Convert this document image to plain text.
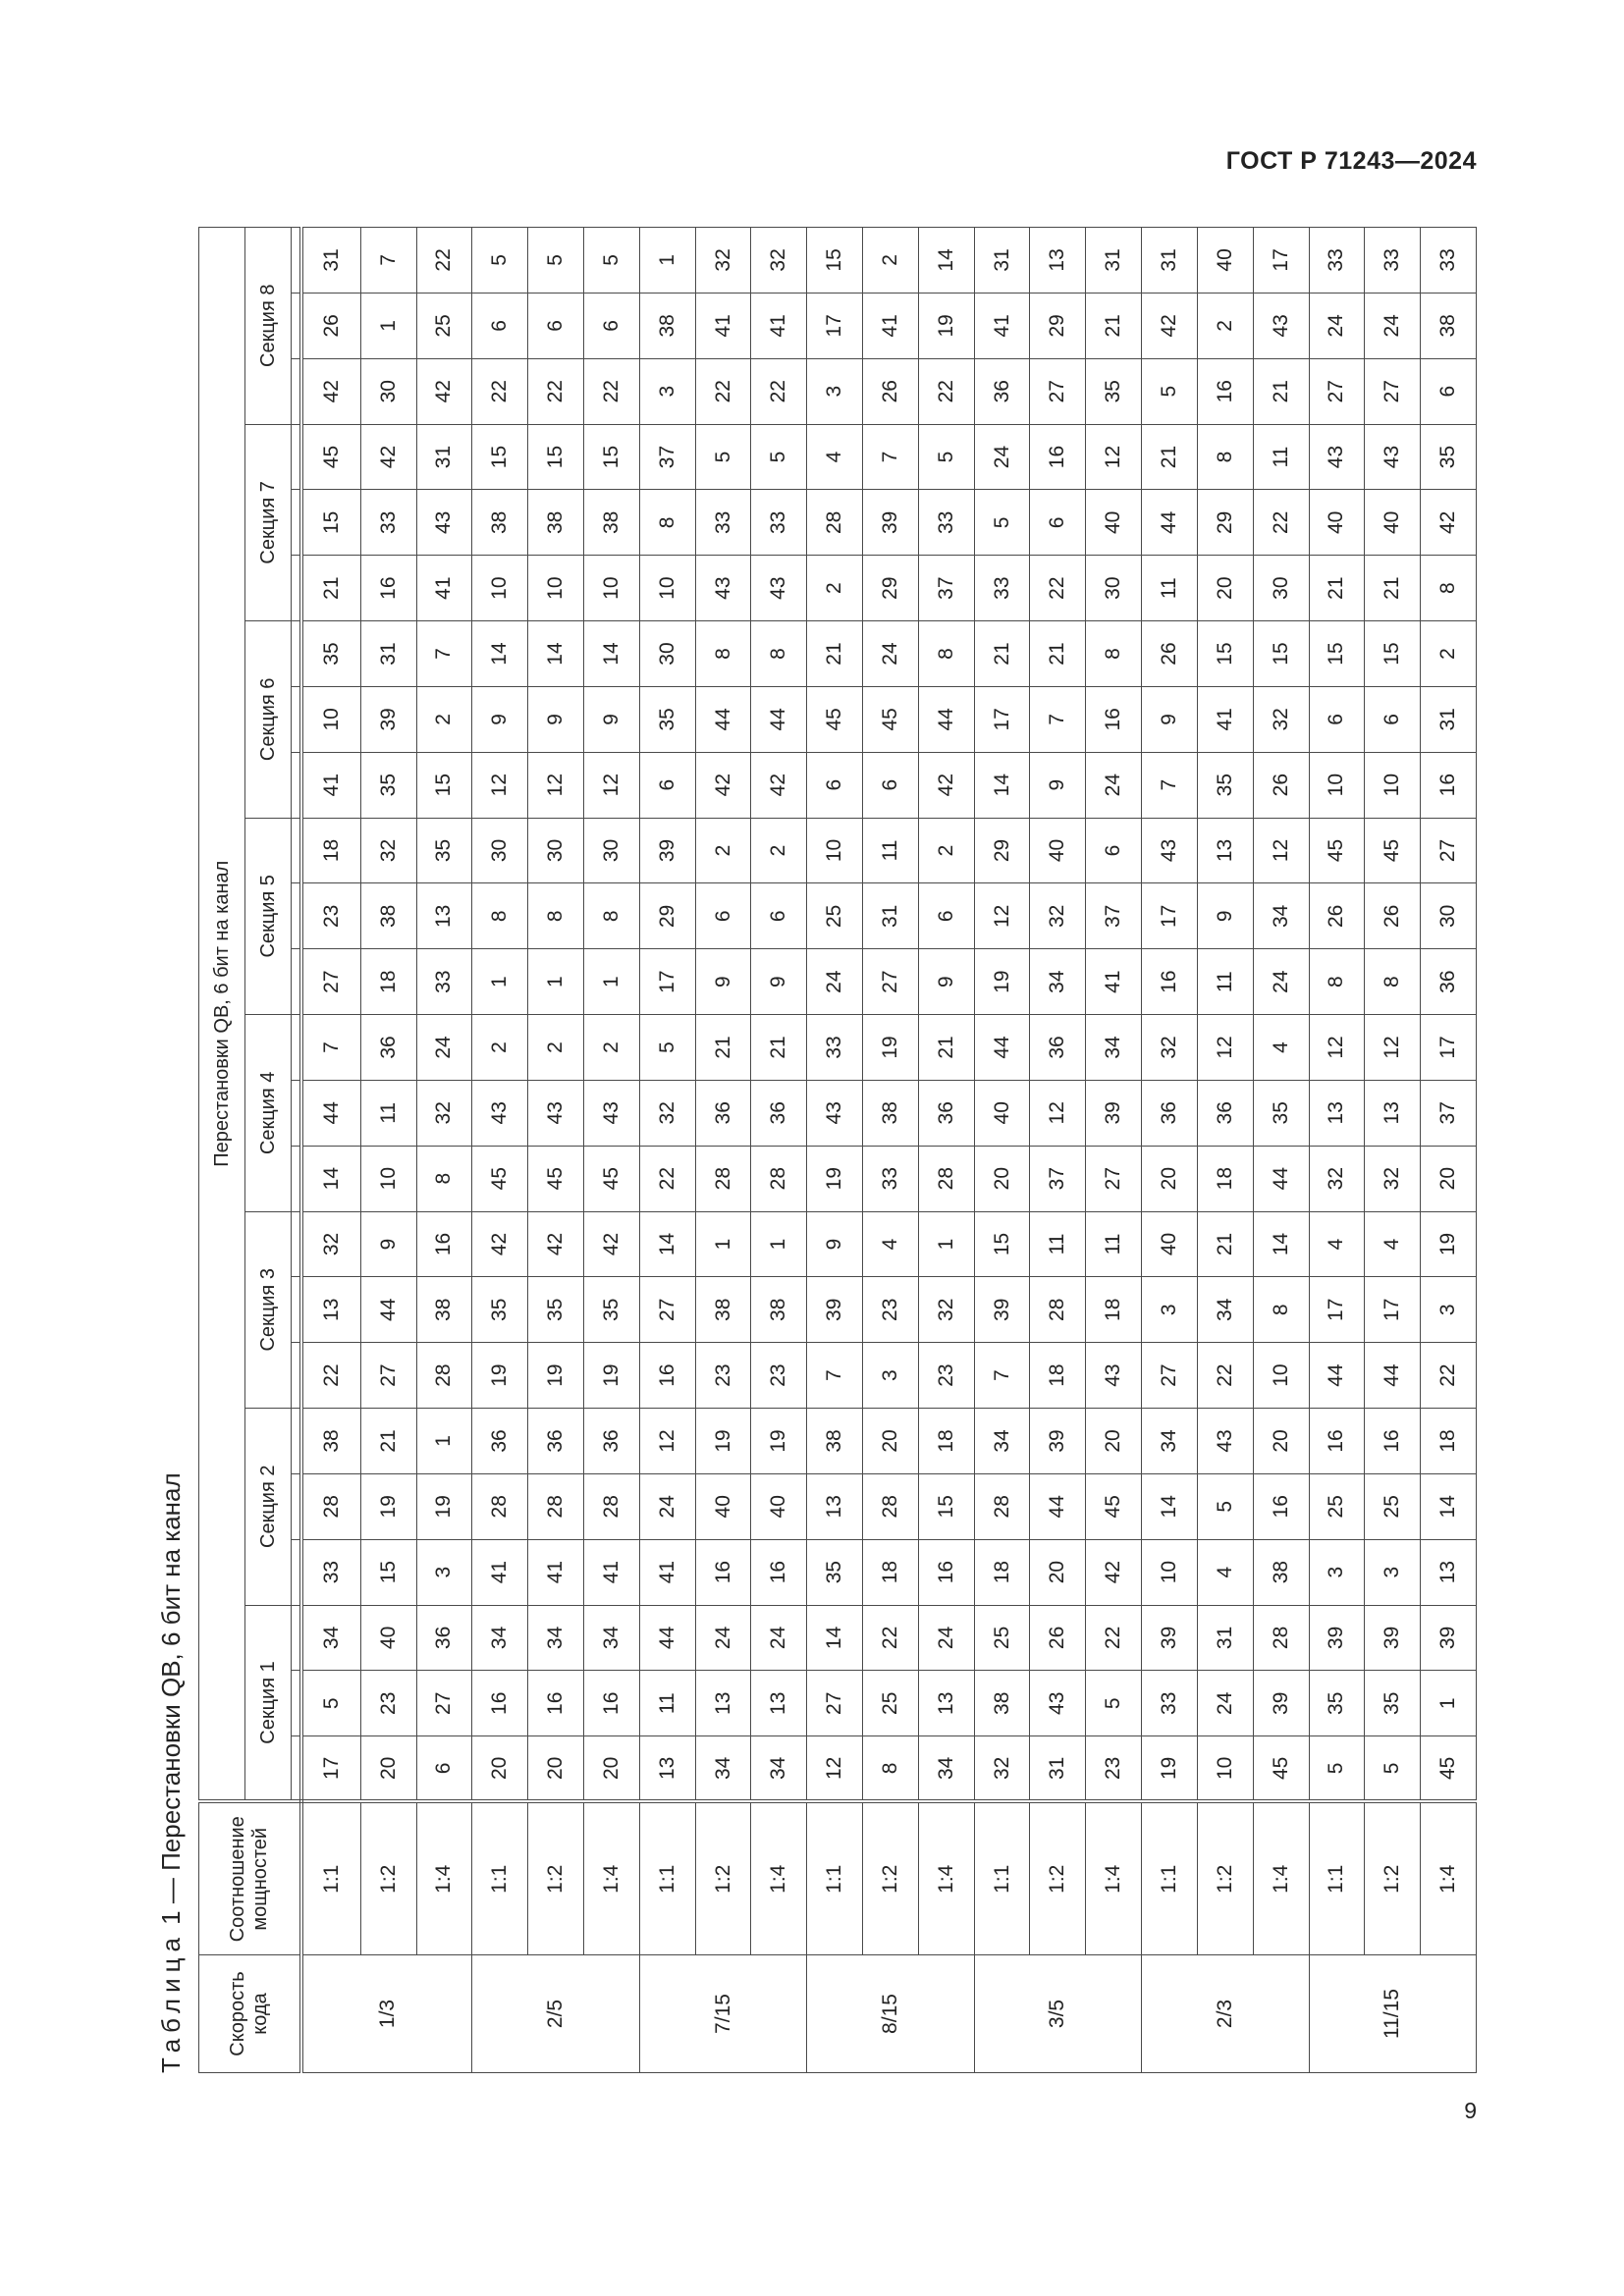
ГОСТ Р 71243—2024
9
Таблица 1 — Перестановки QB, 6 бит на канал
Скорость кода	Соотношение мощностей	Перестановки QB, 6 бит на канал																							
		Секция 1			Секция 2			Секция 3			Секция 4			Секция 5			Секция 6			Секция 7			Секция 8		

1/3	1:1	17	5	34	33	28	38	22	13	32	14	44	7	27	23	18	41	10	35	21	15	45	42	26	31
	1:2	20	23	40	15	19	21	27	44	9	10	11	36	18	38	32	35	39	31	16	33	42	30	1	7
	1:4	6	27	36	3	19	1	28	38	16	8	32	24	33	13	35	15	2	7	41	43	31	42	25	22
2/5	1:1	20	16	34	41	28	36	19	35	42	45	43	2	1	8	30	12	9	14	10	38	15	22	6	5
	1:2	20	16	34	41	28	36	19	35	42	45	43	2	1	8	30	12	9	14	10	38	15	22	6	5
	1:4	20	16	34	41	28	36	19	35	42	45	43	2	1	8	30	12	9	14	10	38	15	22	6	5
7/15	1:1	13	11	44	41	24	12	16	27	14	22	32	5	17	29	39	6	35	30	10	8	37	3	38	1
	1:2	34	13	24	16	40	19	23	38	1	28	36	21	9	6	2	42	44	8	43	33	5	22	41	32
	1:4	34	13	24	16	40	19	23	38	1	28	36	21	9	6	2	42	44	8	43	33	5	22	41	32
8/15	1:1	12	27	14	35	13	38	7	39	9	19	43	33	24	25	10	6	45	21	2	28	4	3	17	15
	1:2	8	25	22	18	28	20	3	23	4	33	38	19	27	31	11	6	45	24	29	39	7	26	41	2
	1:4	34	13	24	16	15	18	23	32	1	28	36	21	9	6	2	42	44	8	37	33	5	22	19	14
3/5	1:1	32	38	25	18	28	34	7	39	15	20	40	44	19	12	29	14	17	21	33	5	24	36	41	31
	1:2	31	43	26	20	44	39	18	28	11	37	12	36	34	32	40	9	7	21	22	6	16	27	29	13
	1:4	23	5	22	42	45	20	43	18	11	27	39	34	41	37	6	24	16	8	30	40	12	35	21	31
2/3	1:1	19	33	39	10	14	34	27	3	40	20	36	32	16	17	43	7	9	26	11	44	21	5	42	31
	1:2	10	24	31	4	5	43	22	34	21	18	36	12	11	9	13	35	41	15	20	29	8	16	2	40
	1:4	45	39	28	38	16	20	10	8	14	44	35	4	24	34	12	26	32	15	30	22	11	21	43	17
11/15	1:1	5	35	39	3	25	16	44	17	4	32	13	12	8	26	45	10	6	15	21	40	43	27	24	33
	1:2	5	35	39	3	25	16	44	17	4	32	13	12	8	26	45	10	6	15	21	40	43	27	24	33
	1:4	45	1	39	13	14	18	22	3	19	20	37	17	36	30	27	16	31	2	8	42	35	6	38	33
